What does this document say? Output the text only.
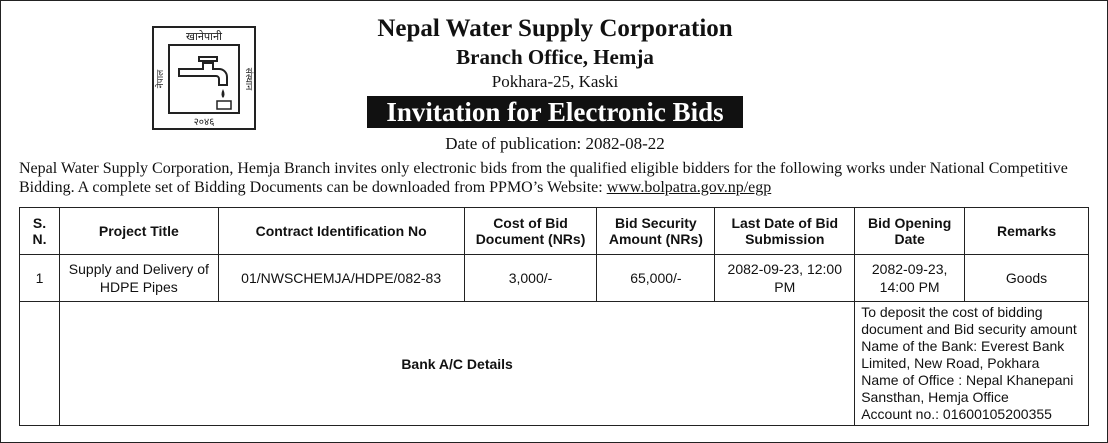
खानेपानी
२०४६
नेपाल	संस्थान
Nepal Water Supply Corporation
Branch Office, Hemja
Pokhara-25, Kaski
Invitation for Electronic Bids
Date of publication: 2082-08-22
Nepal Water Supply Corporation, Hemja Branch invites only electronic bids from the qualified eligible bidders for the following works under National Competitive Bidding. A complete set of Bidding Documents can be downloaded from PPMO’s Website: www.bolpatra.gov.np/egp
S. N.	Project Title	Contract Identification No	Cost of Bid Document (NRs)	Bid Security Amount (NRs)	Last Date of Bid Submission	Bid Opening Date	Remarks
1	Supply and Delivery of HDPE Pipes	01/NWSCHEMJA/HDPE/082-83	3,000/-	65,000/-	2082-09-23, 12:00 PM	2082-09-23, 14:00 PM	Goods
	Bank A/C Details					To deposit the cost of bidding document and Bid security amount
Name of the Bank: Everest Bank Limited, New Road, Pokhara
Name of Office : Nepal Khanepani Sansthan, Hemja Office
Account no.: 01600105200355	
